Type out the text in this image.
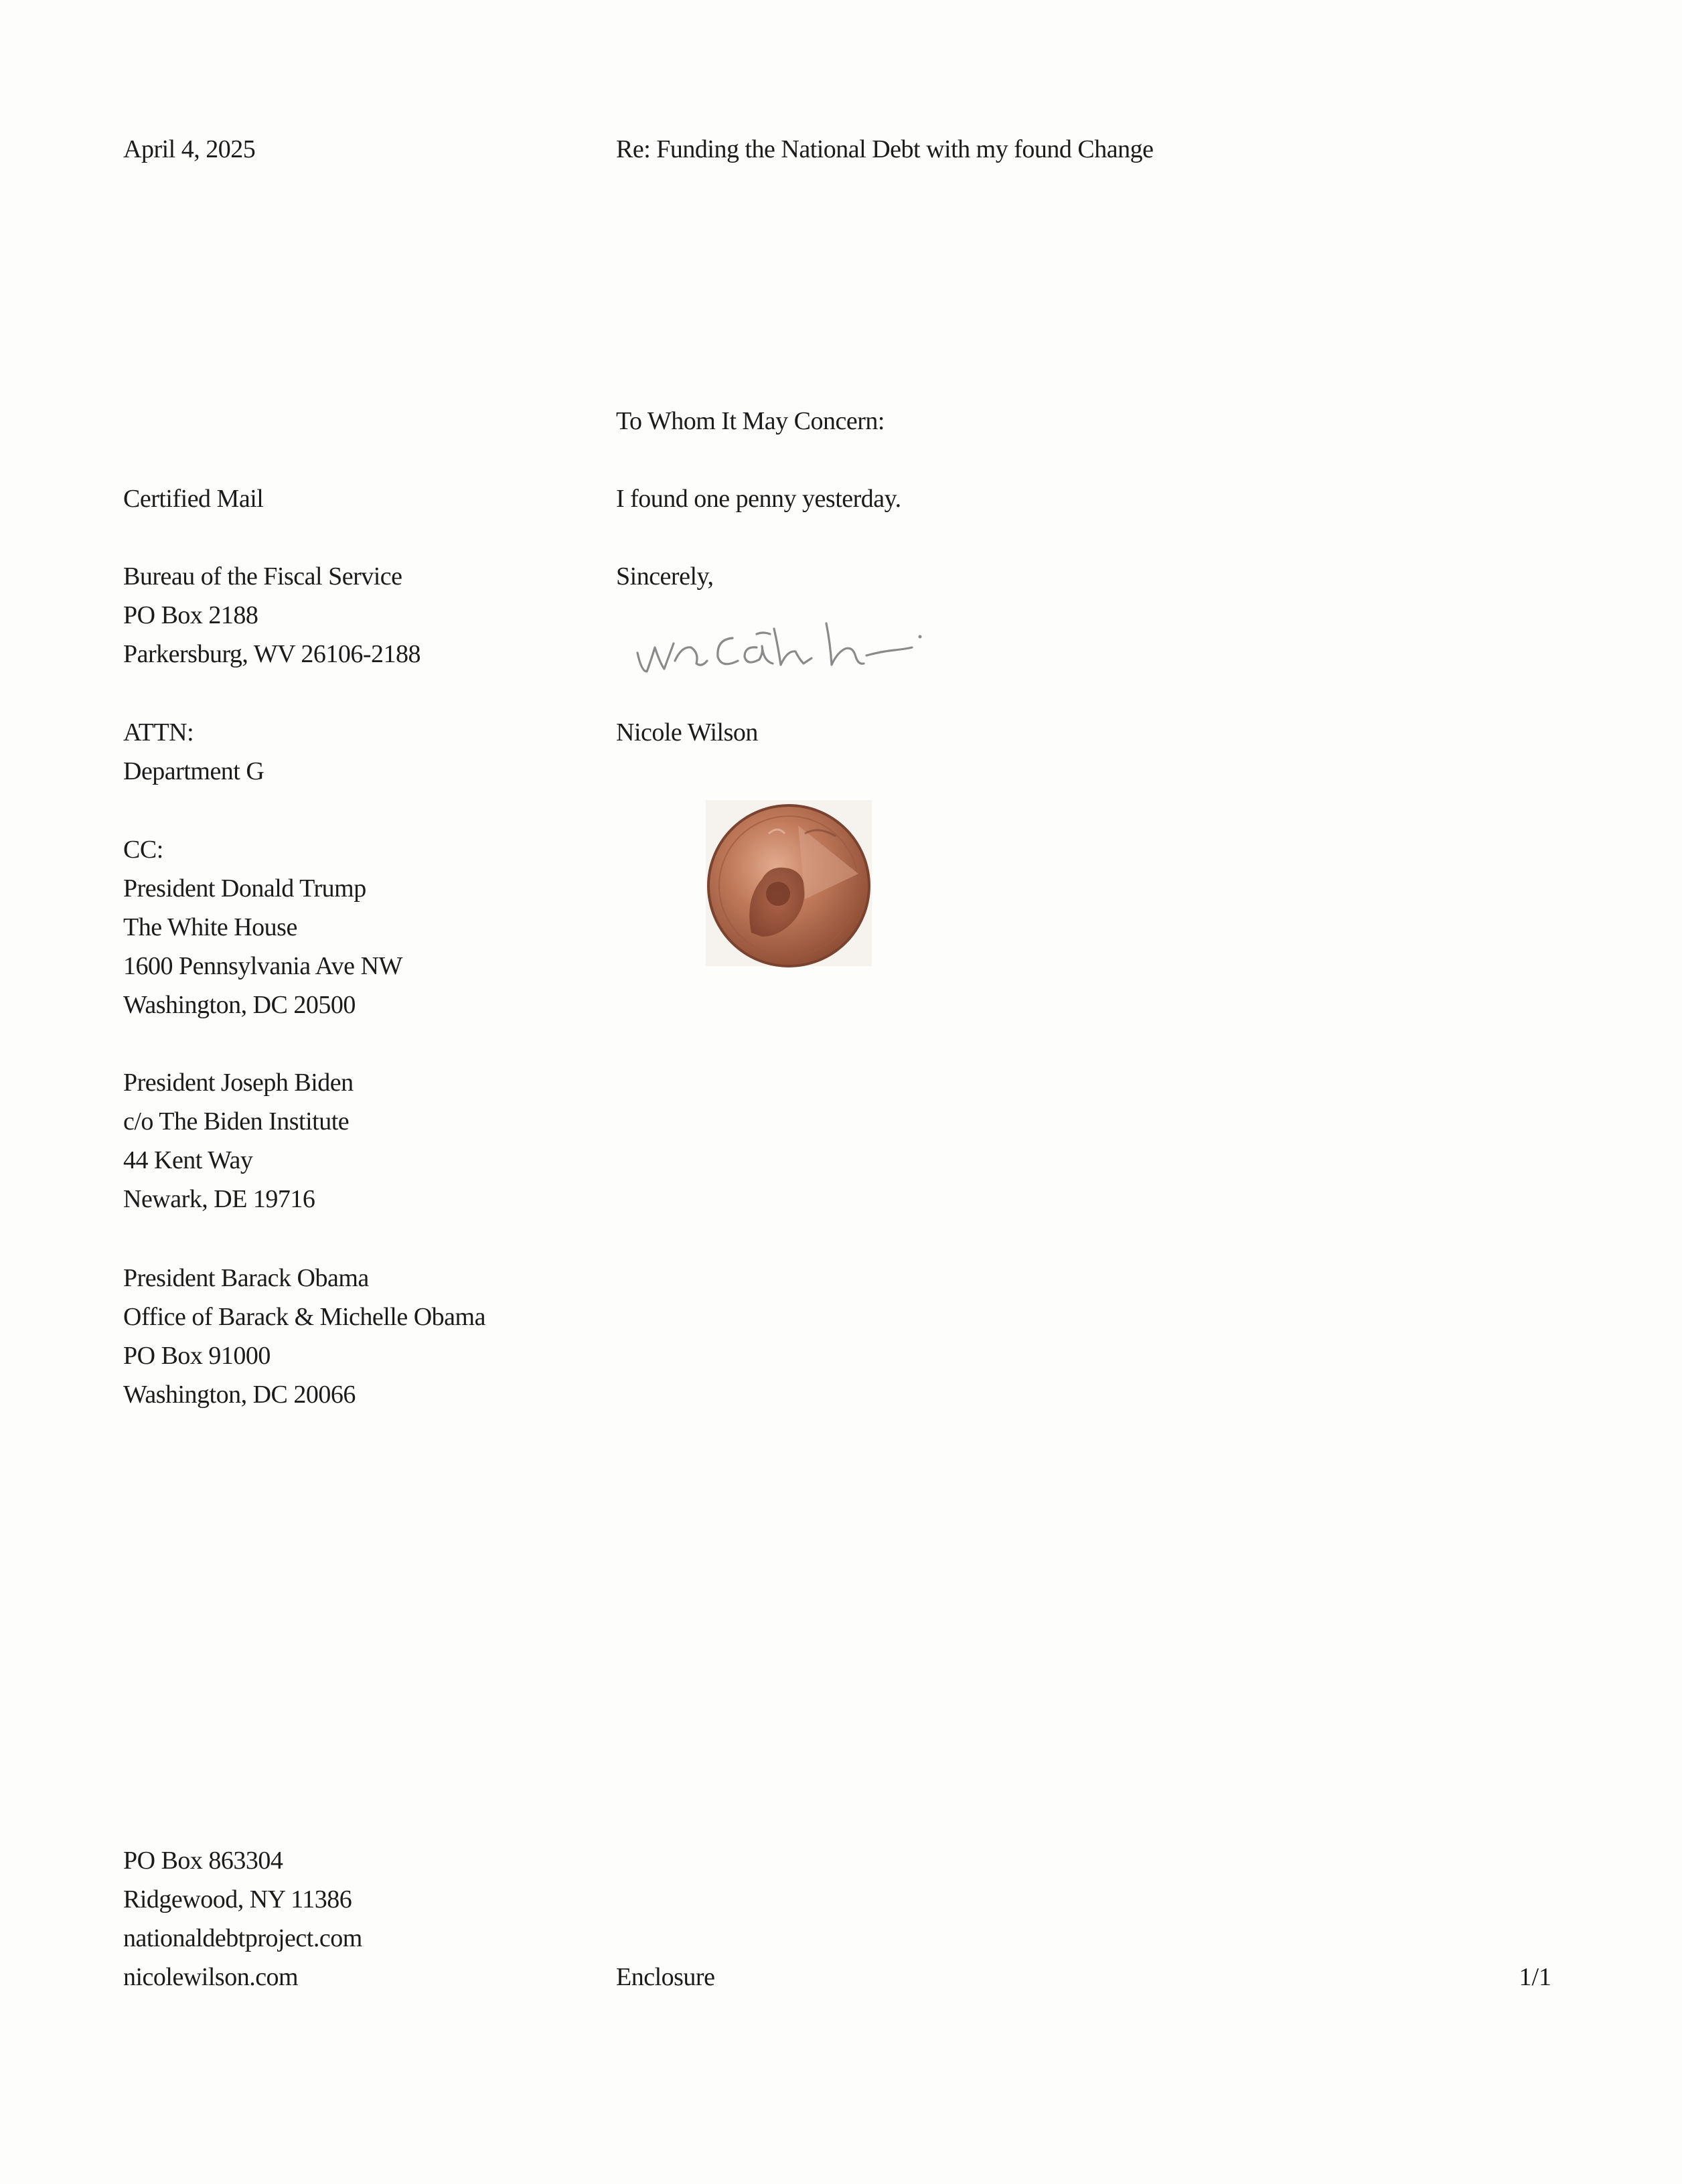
April 4, 2025	Re: Funding the National Debt with my found Change
To Whom It May Concern:
I found one penny yesterday.
Sincerely,
Nicole Wilson
Certified Mail
Bureau of the Fiscal Service
PO Box 2188
Parkersburg, WV 26106-2188
ATTN:
Department G
CC:
President Donald Trump
The White House
1600 Pennsylvania Ave NW
Washington, DC 20500
President Joseph Biden
c/o The Biden Institute
44 Kent Way
Newark, DE 19716
President Barack Obama
Office of Barack & Michelle Obama
PO Box 91000
Washington, DC 20066
PO Box 863304
Ridgewood, NY 11386
nationaldebtproject.com
nicolewilson.com	Enclosure	1/1
